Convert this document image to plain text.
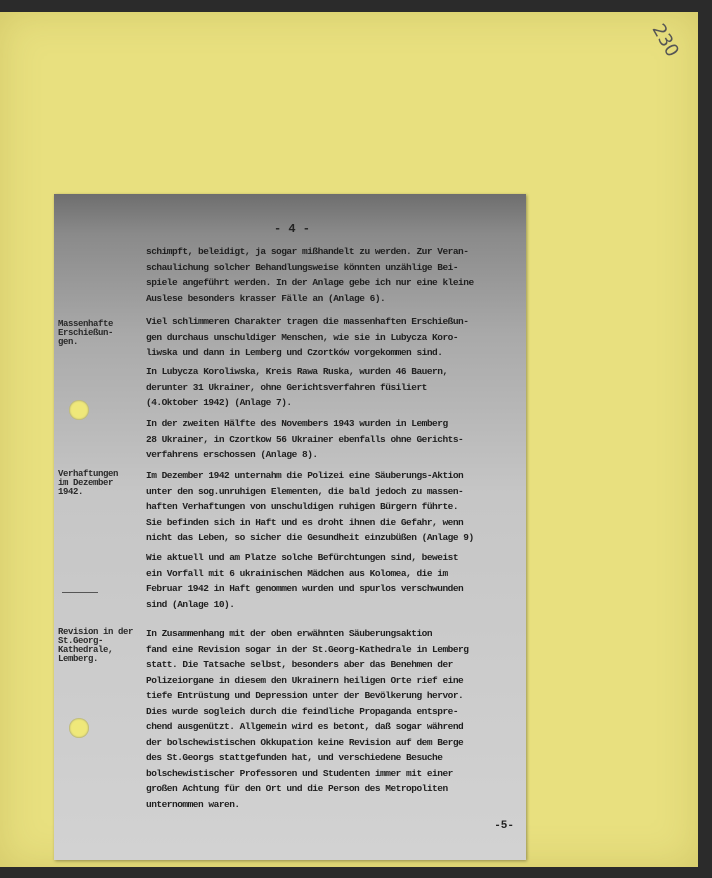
230
- 4 -
schimpft, beleidigt, ja sogar mißhandelt zu werden. Zur Veran-
schaulichung solcher Behandlungsweise könnten unzählige Bei-
spiele angeführt werden. In der Anlage gebe ich nur eine kleine
Auslese besonders krasser Fälle an (Anlage 6).
Massenhafte
Erschießun-
gen.
Viel schlimmeren Charakter tragen die massenhaften Erschießun-
gen durchaus unschuldiger Menschen, wie sie in Lubycza Koro-
liwska und dann in Lemberg und Czortków vorgekommen sind.
In Lubycza Koroliwska, Kreis Rawa Ruska, wurden 46 Bauern,
derunter 31 Ukrainer, ohne Gerichtsverfahren füsiliert
(4.Oktober 1942) (Anlage 7).
In der zweiten Hälfte des Novembers 1943 wurden in Lemberg
28 Ukrainer, in Czortkow 56 Ukrainer ebenfalls ohne Gerichts-
verfahrens erschossen (Anlage 8).
Verhaftungen
im Dezember
1942.
Im Dezember 1942 unternahm die Polizei eine Säuberungs-Aktion
unter den sog.unruhigen Elementen, die bald jedoch zu massen-
haften Verhaftungen von unschuldigen ruhigen Bürgern führte.
Sie befinden sich in Haft und es droht ihnen die Gefahr, wenn
nicht das Leben, so sicher die Gesundheit einzubüßen (Anlage 9)
Wie aktuell und am Platze solche Befürchtungen sind, beweist
ein Vorfall mit 6 ukrainischen Mädchen aus Kolomea, die im
Februar 1942 in Haft genommen wurden und spurlos verschwunden
sind (Anlage 10).
Revision in der
St.Georg-
Kathedrale,
Lemberg.
In Zusammenhang mit der oben erwähnten Säuberungsaktion
fand eine Revision sogar in der St.Georg-Kathedrale in Lemberg
statt. Die Tatsache selbst, besonders aber das Benehmen der
Polizeiorgane in diesem den Ukrainern heiligen Orte rief eine
tiefe Entrüstung und Depression unter der Bevölkerung hervor.
Dies wurde sogleich durch die feindliche Propaganda entspre-
chend ausgenützt. Allgemein wird es betont, daß sogar während
der bolschewistischen Okkupation keine Revision auf dem Berge
des St.Georgs stattgefunden hat, und verschiedene Besuche
bolschewistischer Professoren und Studenten immer mit einer
großen Achtung für den Ort und die Person des Metropoliten
unternommen waren.
-5-
